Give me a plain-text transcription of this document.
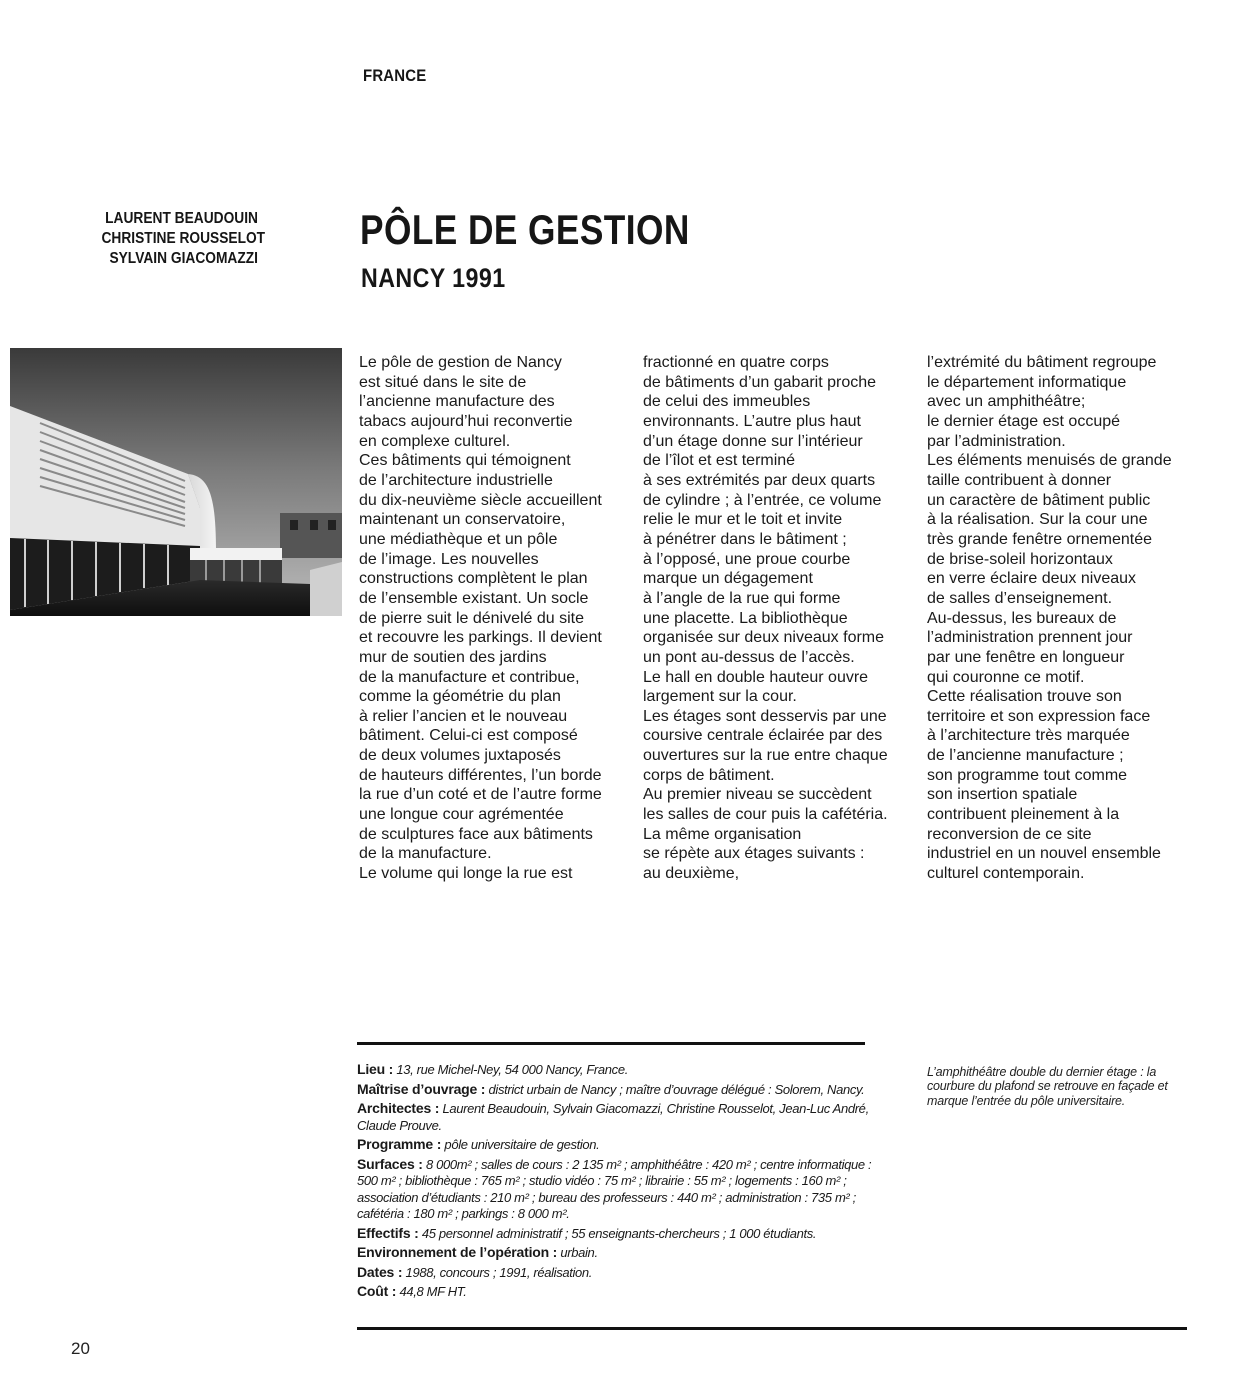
FRANCE
LAURENT BEAUDOUIN
CHRISTINE ROUSSELOT
SYLVAIN GIACOMAZZI
PÔLE DE GESTION
NANCY 1991
Le pôle de gestion de Nancy
est situé dans le site de
l’ancienne manufacture des
tabacs aujourd’hui reconvertie
en complexe culturel.
Ces bâtiments qui témoignent
de l’architecture industrielle
du dix-neuvième siècle accueillent
maintenant un conservatoire,
une médiathèque et un pôle
de l’image. Les nouvelles
constructions complètent le plan
de l’ensemble existant. Un socle
de pierre suit le dénivelé du site
et recouvre les parkings. Il devient
mur de soutien des jardins
de la manufacture et contribue,
comme la géométrie du plan
à relier l’ancien et le nouveau
bâtiment. Celui-ci est composé
de deux volumes juxtaposés
de hauteurs différentes, l’un borde
la rue d’un coté et de l’autre forme
une longue cour agrémentée
de sculptures face aux bâtiments
de la manufacture.
Le volume qui longe la rue est
fractionné en quatre corps
de bâtiments d’un gabarit proche
de celui des immeubles
environnants. L’autre plus haut
d’un étage donne sur l’intérieur
de l’îlot et est terminé
à ses extrémités par deux quarts
de cylindre ; à l’entrée, ce volume
relie le mur et le toit et invite
à pénétrer dans le bâtiment ;
à l’opposé, une proue courbe
marque un dégagement
à l’angle de la rue qui forme
une placette. La bibliothèque
organisée sur deux niveaux forme
un pont au-dessus de l’accès.
Le hall en double hauteur ouvre
largement sur la cour.
Les étages sont desservis par une
coursive centrale éclairée par des
ouvertures sur la rue entre chaque
corps de bâtiment.
Au premier niveau se succèdent
les salles de cour puis la cafétéria.
La même organisation
se répète aux étages suivants :
au deuxième,
l’extrémité du bâtiment regroupe
le département informatique
avec un amphithéâtre;
le dernier étage est occupé
par l’administration.
Les éléments menuisés de grande
taille contribuent à donner
un caractère de bâtiment public
à la réalisation. Sur la cour une
très grande fenêtre ornementée
de brise-soleil horizontaux
en verre éclaire deux niveaux
de salles d’enseignement.
Au-dessus, les bureaux de
l’administration prennent jour
par une fenêtre en longueur
qui couronne ce motif.
Cette réalisation trouve son
territoire et son expression face
à l’architecture très marquée
de l’ancienne manufacture ;
son programme tout comme
son insertion spatiale
contribuent pleinement à la
reconversion de ce site
industriel en un nouvel ensemble
culturel contemporain.
Lieu : 13, rue Michel-Ney, 54 000 Nancy, France.
Maîtrise d’ouvrage : district urbain de Nancy ; maître d’ouvrage délégué : Solorem, Nancy.
Architectes : Laurent Beaudouin, Sylvain Giacomazzi, Christine Rousselot, Jean-Luc André, Claude Prouve.
Programme : pôle universitaire de gestion.
Surfaces : 8 000m² ; salles de cours : 2 135 m² ; amphithéâtre : 420 m² ; centre informatique : 500 m² ; bibliothèque : 765 m² ; studio vidéo : 75 m² ; librairie : 55 m² ; logements : 160 m² ; association d’étudiants : 210 m² ; bureau des professeurs : 440 m² ; administration : 735 m² ; cafétéria : 180 m² ; parkings : 8 000 m².
Effectifs : 45 personnel administratif ; 55 enseignants-chercheurs ; 1 000 étudiants.
Environnement de l’opération : urbain.
Dates : 1988, concours ; 1991, réalisation.
Coût : 44,8 MF HT.
L’amphithéâtre double du dernier étage : la courbure du plafond se retrouve en façade et marque l’entrée du pôle universitaire.
20
